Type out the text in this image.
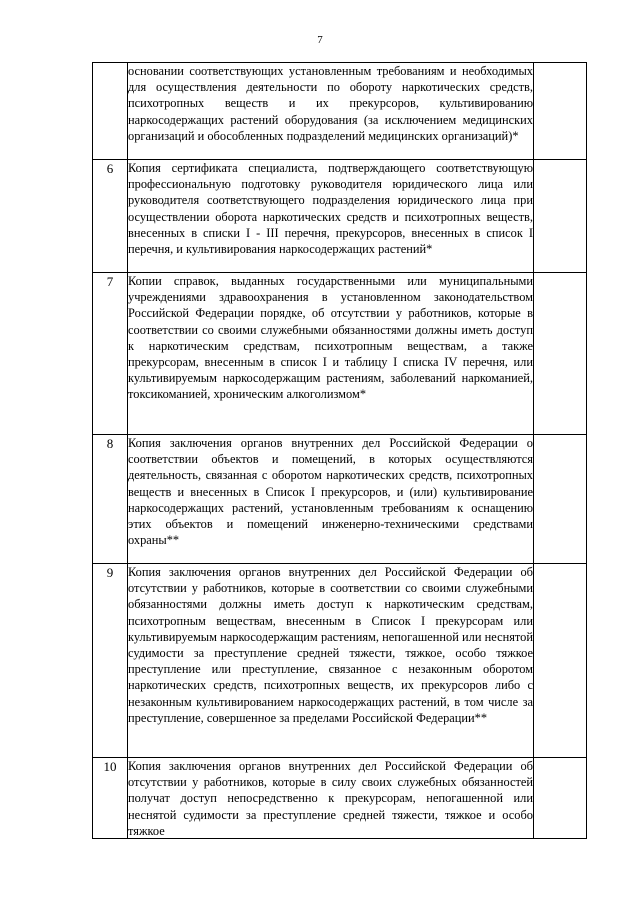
7
	основании соответствующих установленным требованиям и необходимых для осуществления деятельности по обороту наркотических средств, психотропных веществ и их прекурсоров, культивированию наркосодержащих растений оборудования (за исключением медицинских организаций и обособленных подразделений медицинских организаций)*	
6	Копия сертификата специалиста, подтверждающего соответствующую профессиональную подготовку руководителя юридического лица или руководителя соответствующего подразделения юридического лица при осуществлении оборота наркотических средств и психотропных веществ, внесенных в списки I - III перечня, прекурсоров, внесенных в список I перечня, и культивирования наркосодержащих растений*	
7	Копии справок, выданных государственными или муниципальными учреждениями здравоохранения в установленном законодательством Российской Федерации порядке, об отсутствии у работников, которые в соответствии со своими служебными обязанностями должны иметь доступ к наркотическим средствам, психотропным веществам, а также прекурсорам, внесенным в список I и таблицу I списка IV перечня, или культивируемым наркосодержащим растениям, заболеваний наркоманией, токсикоманией, хроническим алкоголизмом*	
8	Копия заключения органов внутренних дел Российской Федерации о соответствии объектов и помещений, в которых осуществляются деятельность, связанная с оборотом наркотических средств, психотропных веществ и внесенных в Список I прекурсоров, и (или) культивирование наркосодержащих растений, установленным требованиям к оснащению этих объектов и помещений инженерно-техническими средствами охраны**	
9	Копия заключения органов внутренних дел Российской Федерации об отсутствии у работников, которые в соответствии со своими служебными обязанностями должны иметь доступ к наркотическим средствам, психотропным веществам, внесенным в Список I прекурсорам или культивируемым наркосодержащим растениям, непогашенной или неснятой судимости за преступление средней тяжести, тяжкое, особо тяжкое преступление или преступление, связанное с незаконным оборотом наркотических средств, психотропных веществ, их прекурсоров либо с незаконным культивированием наркосодержащих растений, в том числе за преступление, совершенное за пределами Российской Федерации**	
10	Копия заключения органов внутренних дел Российской Федерации об отсутствии у работников, которые в силу своих служебных обязанностей получат доступ непосредственно к прекурсорам, непогашенной или неснятой судимости за преступление средней тяжести, тяжкое и особо тяжкое	
